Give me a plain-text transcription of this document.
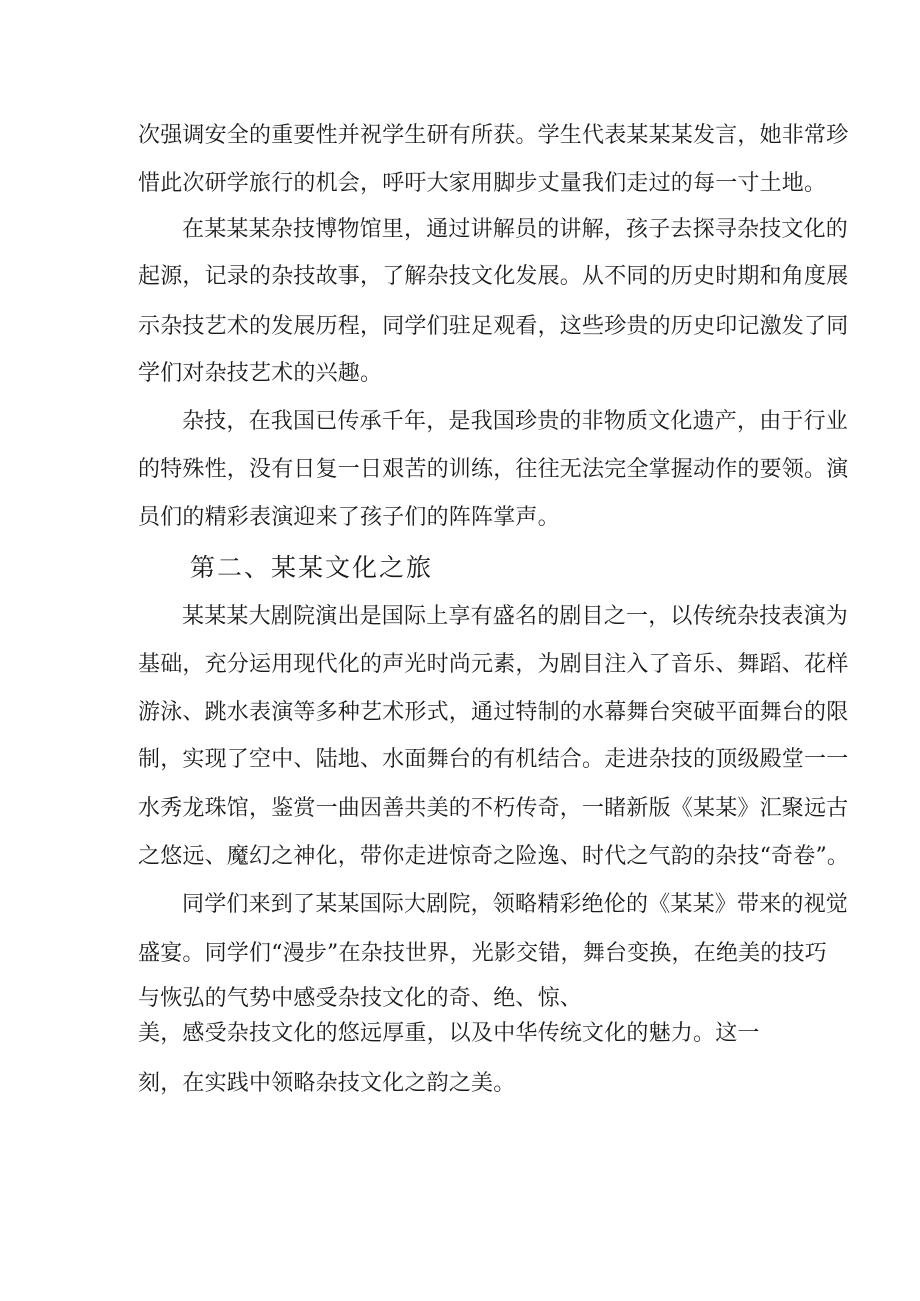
次强调安全的重要性并祝学生研有所获。学生代表某某某发言，她非常珍
惜此次研学旅行的机会，呼吁大家用脚步丈量我们走过的每一寸土地。
在某某某杂技博物馆里，通过讲解员的讲解，孩子去探寻杂技文化的
起源，记录的杂技故事，了解杂技文化发展。从不同的历史时期和角度展
示杂技艺术的发展历程，同学们驻足观看，这些珍贵的历史印记激发了同
学们对杂技艺术的兴趣。
杂技，在我国已传承千年，是我国珍贵的非物质文化遗产，由于行业
的特殊性，没有日复一日艰苦的训练，往往无法完全掌握动作的要领。演
员们的精彩表演迎来了孩子们的阵阵掌声。
第二、某某文化之旅
某某某大剧院演出是国际上享有盛名的剧目之一，以传统杂技表演为
基础，充分运用现代化的声光时尚元素，为剧目注入了音乐、舞蹈、花样
游泳、跳水表演等多种艺术形式，通过特制的水幕舞台突破平面舞台的限
制，实现了空中、陆地、水面舞台的有机结合。走进杂技的顶级殿堂一一
水秀龙珠馆，鉴赏一曲因善共美的不朽传奇，一睹新版《某某》汇聚远古
之悠远、魔幻之神化，带你走进惊奇之险逸、时代之气韵的杂技“奇卷”。
同学们来到了某某国际大剧院，领略精彩绝伦的《某某》带来的视觉
盛宴。同学们“漫步”在杂技世界，光影交错，舞台变换，在绝美的技巧
与恢弘的气势中感受杂技文化的奇、绝、惊、
美，感受杂技文化的悠远厚重，以及中华传统文化的魅力。这一
刻，在实践中领略杂技文化之韵之美。
